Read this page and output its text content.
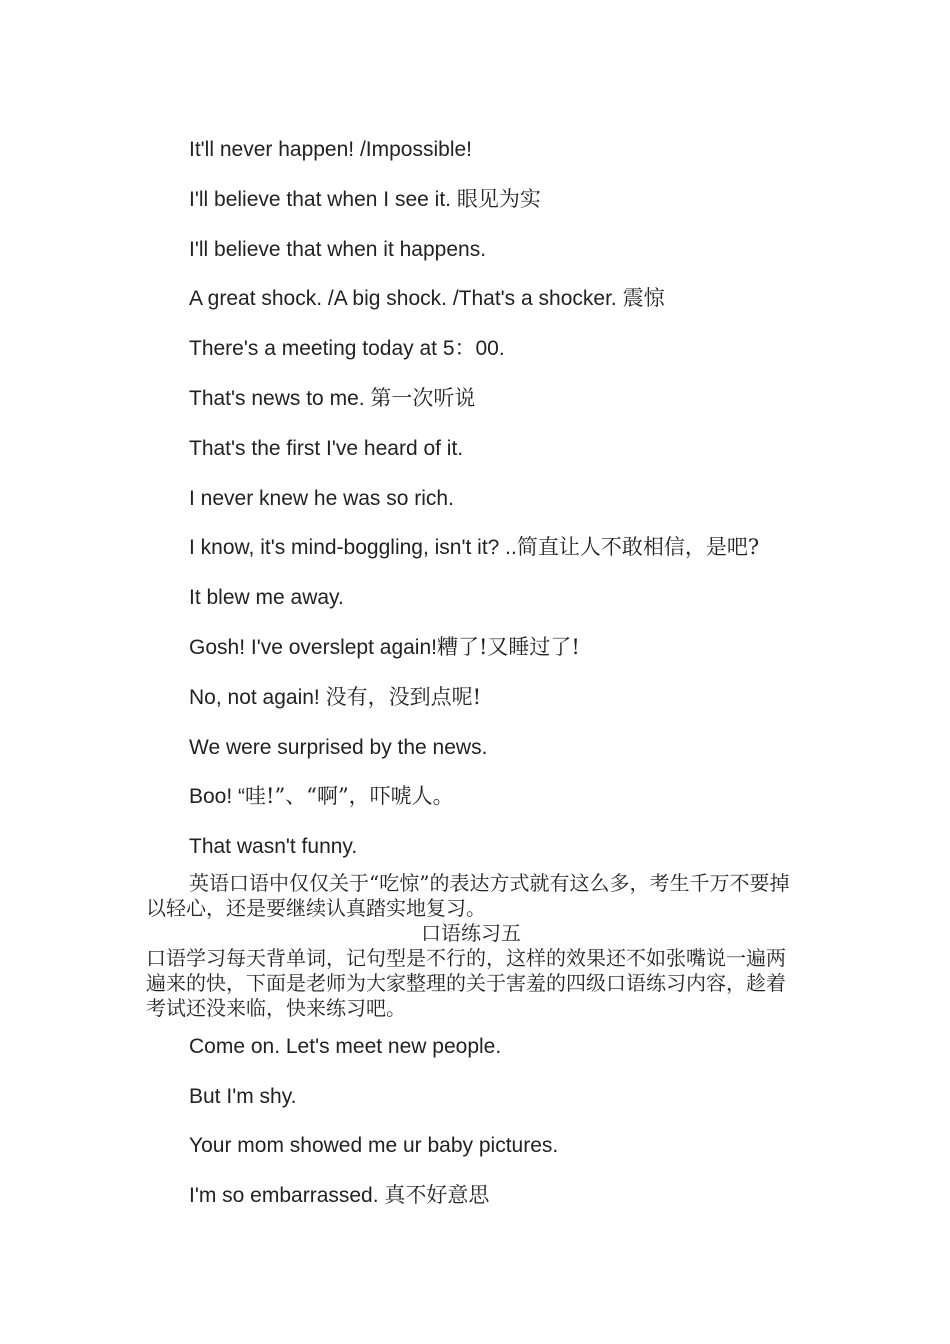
It'll never happen! /Impossible!
I'll believe that when I see it. 眼见为实
I'll believe that when it happens.
A great shock. /A big shock. /That's a shocker. 震惊
There's a meeting today at 5：00.
That's news to me. 第一次听说
That's the first I've heard of it.
I never knew he was so rich.
I know, it's mind-boggling, isn't it? ..简直让人不敢相信，是吧?
It blew me away.
Gosh! I've overslept again!糟了!又睡过了!
No, not again! 没有，没到点呢!
We were surprised by the news.
Boo! “哇!”、“啊”，吓唬人。
That wasn't funny.
英语口语中仅仅关于“吃惊”的表达方式就有这么多，考生千万不要掉以轻心，还是要继续认真踏实地复习。
口语练习五
口语学习每天背单词，记句型是不行的，这样的效果还不如张嘴说一遍两遍来的快，下面是老师为大家整理的关于害羞的四级口语练习内容，趁着考试还没来临，快来练习吧。
Come on. Let's meet new people.
But I'm shy.
Your mom showed me ur baby pictures.
I'm so embarrassed. 真不好意思
